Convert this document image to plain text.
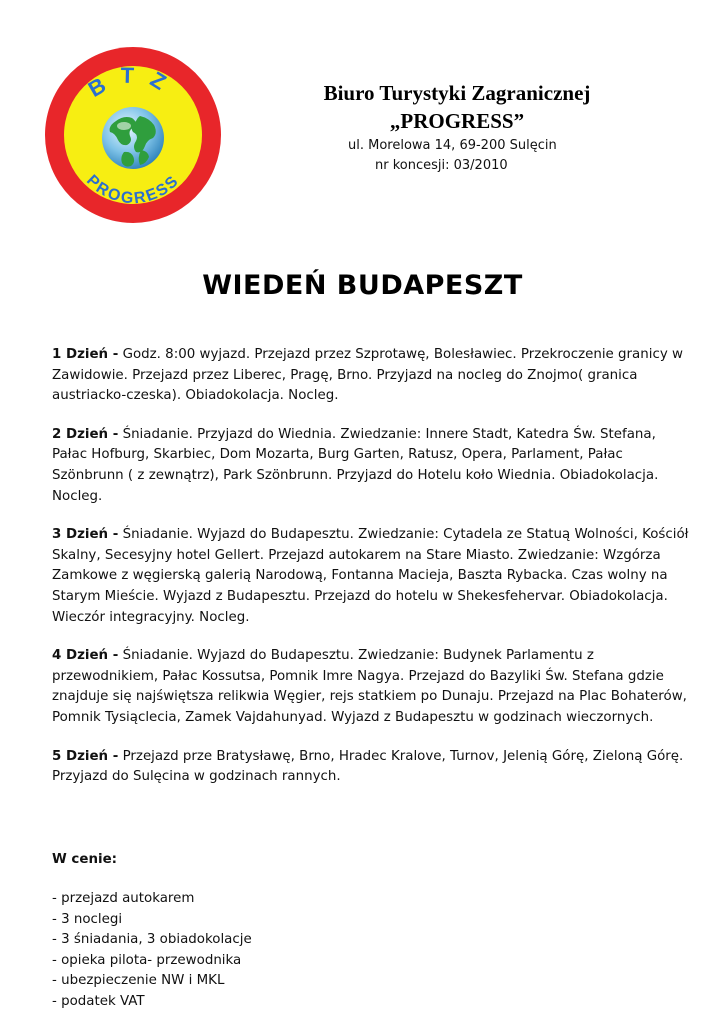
BTZ
PROGRESS
Biuro Turystyki Zagranicznej
„PROGRESS”
ul. Morelowa 14, 69-200 Sulęcin
nr koncesji: 03/2010
WIEDEŃ BUDAPESZT

1 Dzień - Godz. 8:00 wyjazd. Przejazd przez Szprotawę, Bolesławiec. Przekroczenie granicy w Zawidowie. Przejazd przez Liberec, Pragę, Brno. Przyjazd na nocleg do Znojmo( granica austriacko-czeska). Obiadokolacja. Nocleg.

2 Dzień - Śniadanie. Przyjazd do Wiednia. Zwiedzanie: Innere Stadt, Katedra Św. Stefana, Pałac Hofburg, Skarbiec, Dom Mozarta, Burg Garten, Ratusz, Opera, Parlament, Pałac Szönbrunn ( z zewnątrz), Park Szönbrunn. Przyjazd do Hotelu koło Wiednia. Obiadokolacja. Nocleg.

3 Dzień - Śniadanie. Wyjazd do Budapesztu. Zwiedzanie: Cytadela ze Statuą Wolności, Kościół Skalny, Secesyjny hotel Gellert. Przejazd autokarem na Stare Miasto. Zwiedzanie: Wzgórza Zamkowe z węgierską galerią Narodową, Fontanna Macieja, Baszta Rybacka. Czas wolny na Starym Mieście. Wyjazd z Budapesztu. Przejazd do hotelu w Shekesfehervar. Obiadokolacja. Wieczór integracyjny. Nocleg.

4 Dzień - Śniadanie. Wyjazd do Budapesztu. Zwiedzanie: Budynek Parlamentu z przewodnikiem, Pałac Kossutsa, Pomnik Imre Nagya. Przejazd do Bazyliki Św. Stefana gdzie znajduje się najświętsza relikwia Węgier, rejs statkiem po Dunaju. Przejazd na Plac Bohaterów, Pomnik Tysiąclecia, Zamek Vajdahunyad. Wyjazd z Budapesztu w godzinach wieczornych.

5 Dzień - Przejazd prze Bratysławę, Brno, Hradec Kralove, Turnov, Jelenią Górę, Zieloną Górę. Przyjazd do Sulęcina w godzinach rannych.

W cenie:
- przejazd autokarem
- 3 noclegi
- 3 śniadania, 3 obiadokolacje
- opieka pilota- przewodnika
- ubezpieczenie NW i MKL
- podatek VAT
